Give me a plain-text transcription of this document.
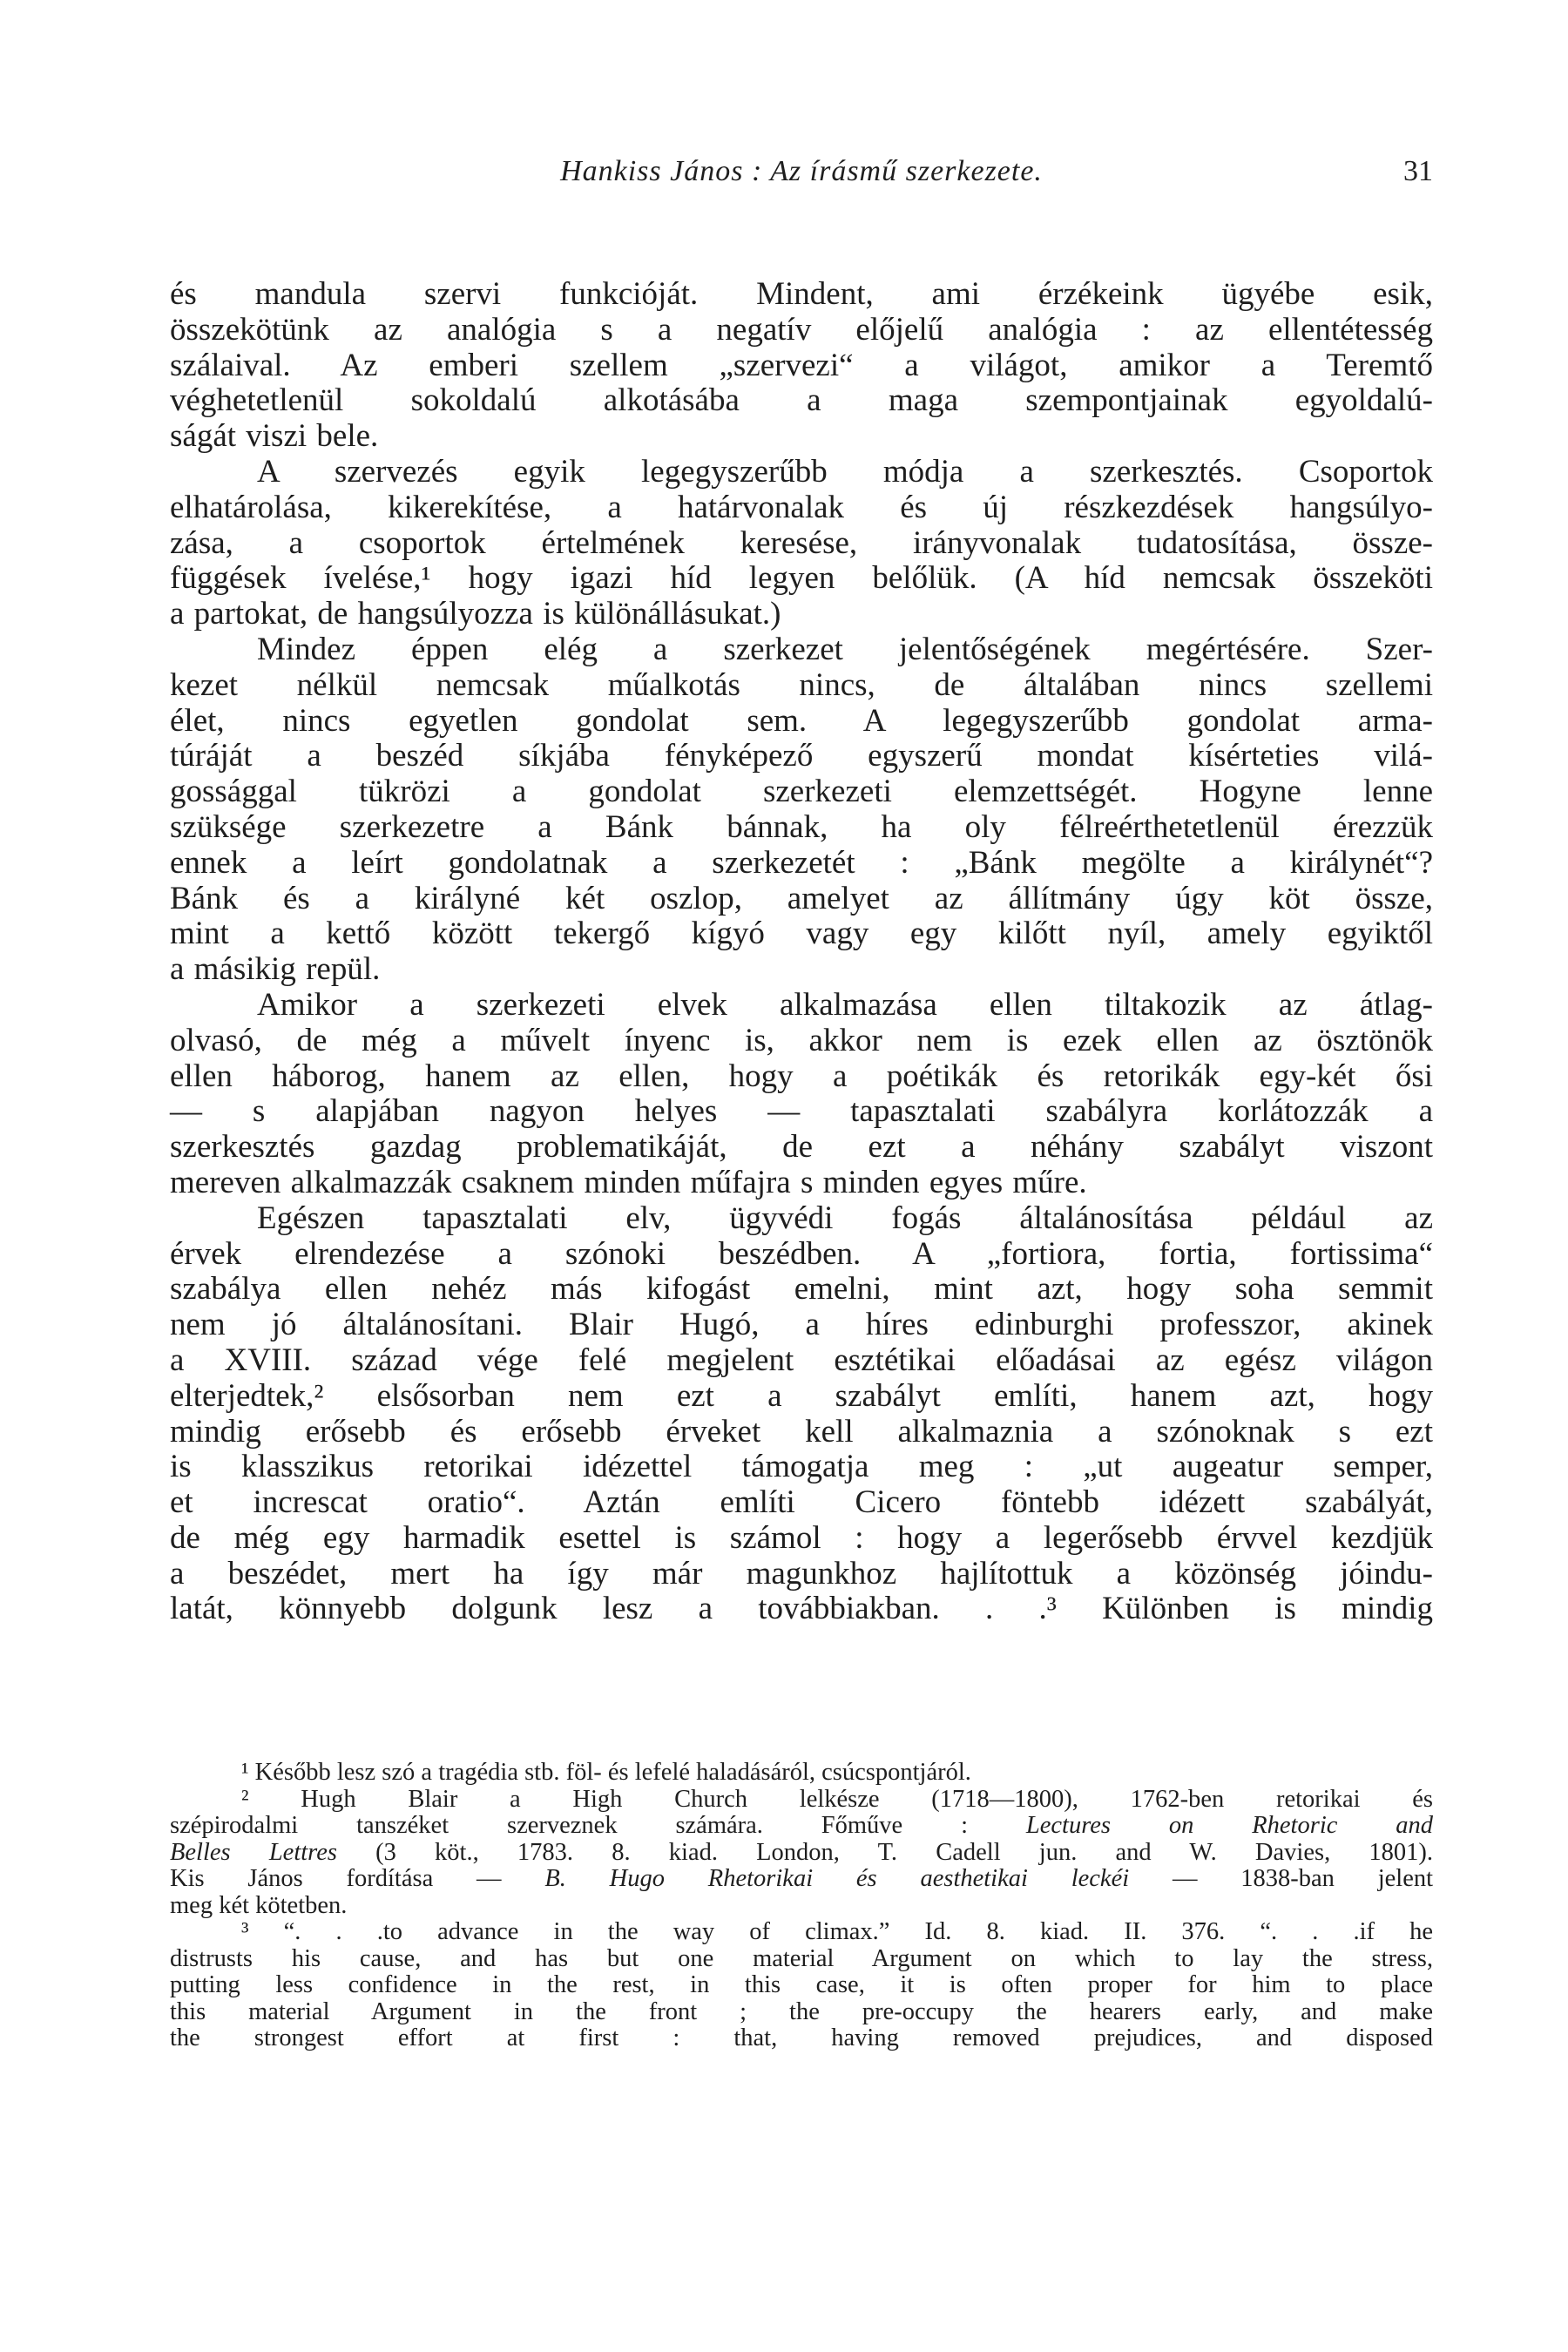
Hankiss János : Az írásmű szerkezete.	31
és mandula szervi funkcióját. Mindent, ami érzékeink ügyébe esik,
összekötünk az analógia s a negatív előjelű analógia : az ellentétesség
szálaival. Az emberi szellem „szervezi“ a világot, amikor a Teremtő
véghetetlenül sokoldalú alkotásába a maga szempontjainak egyoldalú-
ságát viszi bele.
A szervezés egyik legegyszerűbb módja a szerkesztés. Csoportok
elhatárolása, kikerekítése, a határvonalak és új részkezdések hangsúlyo-
zása, a csoportok értelmének keresése, irányvonalak tudatosítása, össze-
függések ívelése,¹ hogy igazi híd legyen belőlük. (A híd nemcsak összeköti
a partokat, de hangsúlyozza is különállásukat.)
Mindez éppen elég a szerkezet jelentőségének megértésére. Szer-
kezet nélkül nemcsak műalkotás nincs, de általában nincs szellemi
élet, nincs egyetlen gondolat sem. A legegyszerűbb gondolat arma-
túráját a beszéd síkjába fényképező egyszerű mondat kísérteties vilá-
gossággal tükrözi a gondolat szerkezeti elemzettségét. Hogyne lenne
szüksége szerkezetre a Bánk bánnak, ha oly félreérthetetlenül érezzük
ennek a leírt gondolatnak a szerkezetét : „Bánk megölte a királynét“?
Bánk és a királyné két oszlop, amelyet az állítmány úgy köt össze,
mint a kettő között tekergő kígyó vagy egy kilőtt nyíl, amely egyiktől
a másikig repül.
Amikor a szerkezeti elvek alkalmazása ellen tiltakozik az átlag-
olvasó, de még a művelt ínyenc is, akkor nem is ezek ellen az ösztönök
ellen háborog, hanem az ellen, hogy a poétikák és retorikák egy-két ősi
— s alapjában nagyon helyes — tapasztalati szabályra korlátozzák a
szerkesztés gazdag problematikáját, de ezt a néhány szabályt viszont
mereven alkalmazzák csaknem minden műfajra s minden egyes műre.
Egészen tapasztalati elv, ügyvédi fogás általánosítása például az
érvek elrendezése a szónoki beszédben. A „fortiora, fortia, fortissima“
szabálya ellen nehéz más kifogást emelni, mint azt, hogy soha semmit
nem jó általánosítani. Blair Hugó, a híres edinburghi professzor, akinek
a XVIII. század vége felé megjelent esztétikai előadásai az egész világon
elterjedtek,² elsősorban nem ezt a szabályt említi, hanem azt, hogy
mindig erősebb és erősebb érveket kell alkalmaznia a szónoknak s ezt
is klasszikus retorikai idézettel támogatja meg : „ut augeatur semper,
et increscat oratio“. Aztán említi Cicero föntebb idézett szabályát,
de még egy harmadik esettel is számol : hogy a legerősebb érvvel kezdjük
a beszédet, mert ha így már magunkhoz hajlítottuk a közönség jóindu-
latát, könnyebb dolgunk lesz a továbbiakban. . .³ Különben is mindig
¹ Később lesz szó a tragédia stb. föl- és lefelé haladásáról, csúcspontjáról.
² Hugh Blair a High Church lelkésze (1718—1800), 1762-ben retorikai és
szépirodalmi tanszéket szerveznek számára. Főműve : Lectures on Rhetoric and
Belles Lettres (3 köt., 1783. 8. kiad. London, T. Cadell jun. and W. Davies, 1801).
Kis János fordítása — B. Hugo Rhetorikai és aesthetikai leckéi — 1838-ban jelent
meg két kötetben.
³ “. . .to advance in the way of climax.” Id. 8. kiad. II. 376. “. . .if he
distrusts his cause, and has but one material Argument on which to lay the stress,
putting less confidence in the rest, in this case, it is often proper for him to place
this material Argument in the front ; the pre-occupy the hearers early, and make
the strongest effort at first : that, having removed prejudices, and disposed
